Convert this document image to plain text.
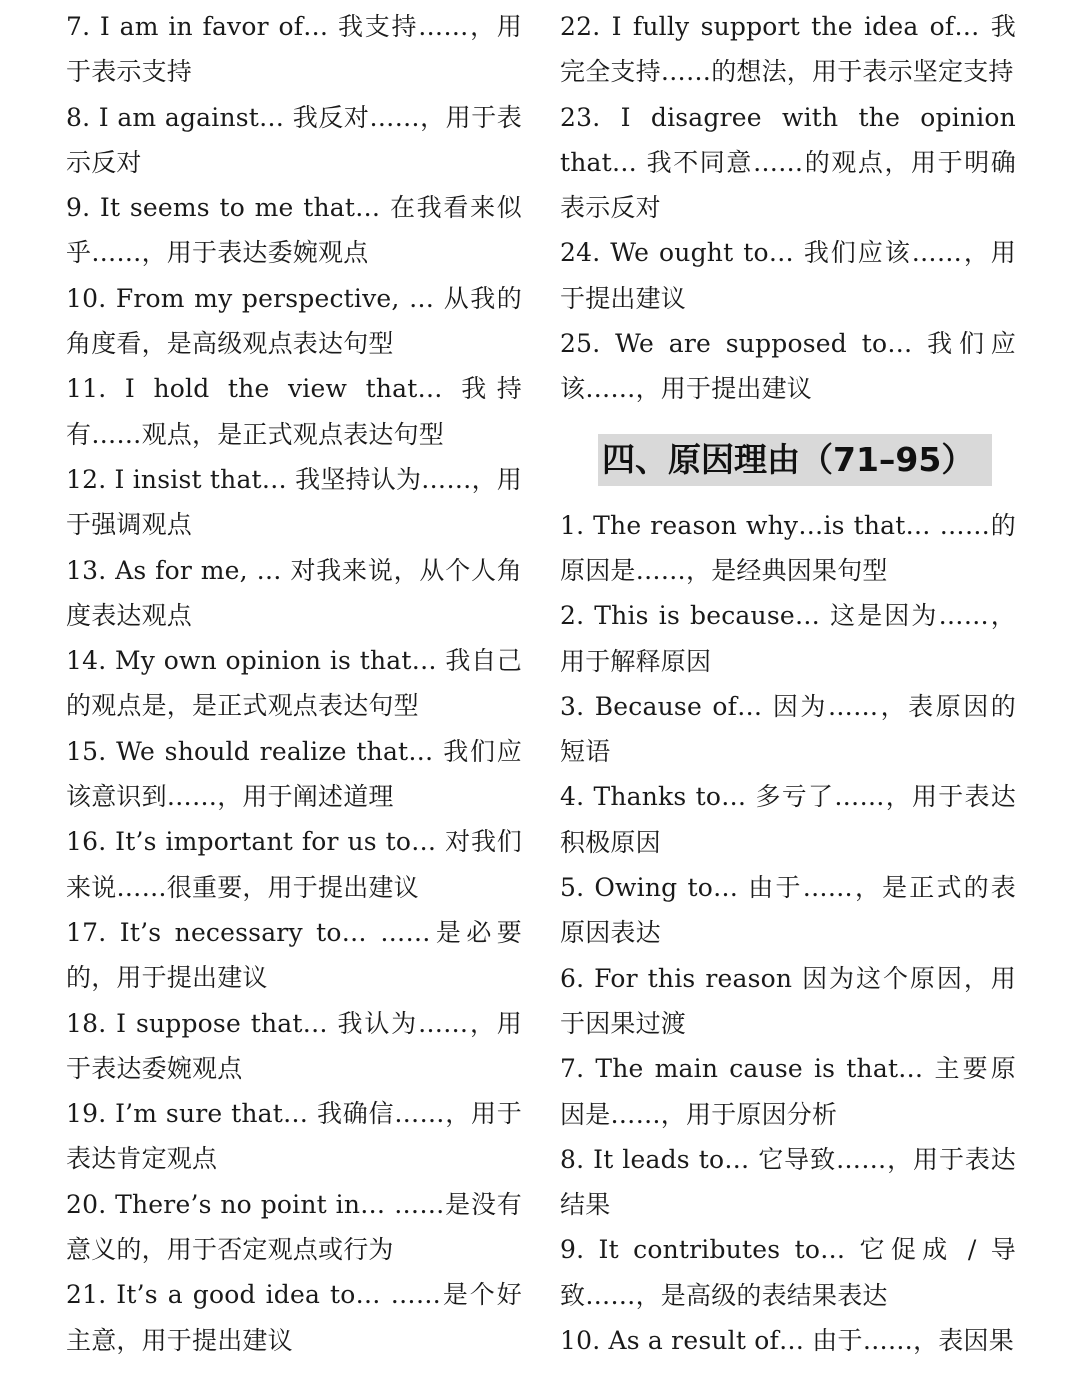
7. I am in favor of… 我支持……，用于表示支持
8. I am against… 我反对……，用于表示反对
9. It seems to me that… 在我看来似乎……，用于表达委婉观点
10. From my perspective, … 从我的角度看，是高级观点表达句型
11. I hold the view that… 我持有……观点，是正式观点表达句型
12. I insist that… 我坚持认为……，用于强调观点
13. As for me, … 对我来说，从个人角度表达观点
14. My own opinion is that… 我自己的观点是，是正式观点表达句型
15. We should realize that… 我们应该意识到……，用于阐述道理
16. It’s important for us to… 对我们来说……很重要，用于提出建议
17. It’s necessary to… ……是必要的，用于提出建议
18. I suppose that… 我认为……，用于表达委婉观点
19. I’m sure that… 我确信……，用于表达肯定观点
20. There’s no point in… ……是没有意义的，用于否定观点或行为
21. It’s a good idea to… ……是个好主意，用于提出建议
22. I fully support the idea of… 我完全支持……的想法，用于表示坚定支持
23. I disagree with the opinion that… 我不同意……的观点，用于明确表示反对
24. We ought to… 我们应该……，用于提出建议
25. We are supposed to… 我们应该……，用于提出建议
四、原因理由（71–95）
1. The reason why…is that… ……的原因是……，是经典因果句型
2. This is because… 这是因为……，用于解释原因
3. Because of… 因为……，表原因的短语
4. Thanks to… 多亏了……，用于表达积极原因
5. Owing to… 由于……，是正式的表原因表达
6. For this reason 因为这个原因，用于因果过渡
7. The main cause is that… 主要原因是……，用于原因分析
8. It leads to… 它导致……，用于表达结果
9. It contributes to… 它促成 / 导致……，是高级的表结果表达
10. As a result of… 由于……，表因果
